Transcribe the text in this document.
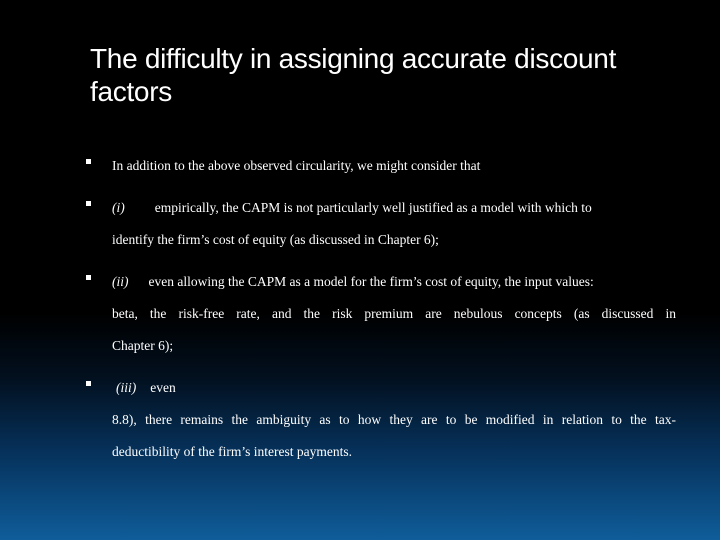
The difficulty in assigning accurate discount factors
In addition to the above observed circularity, we might consider that
(i) empirically, the CAPM is not particularly well justified as a model with which to
identify the firm’s cost of equity (as discussed in Chapter 6);
(ii) even allowing the CAPM as a model for the firm’s cost of equity, the input values:
beta, the risk-free rate, and the risk premium are nebulous concepts (as discussed in
Chapter 6);
(iii) even
8.8), there remains the ambiguity as to how they are to be modified in relation to the tax-
deductibility of the firm’s interest payments.
